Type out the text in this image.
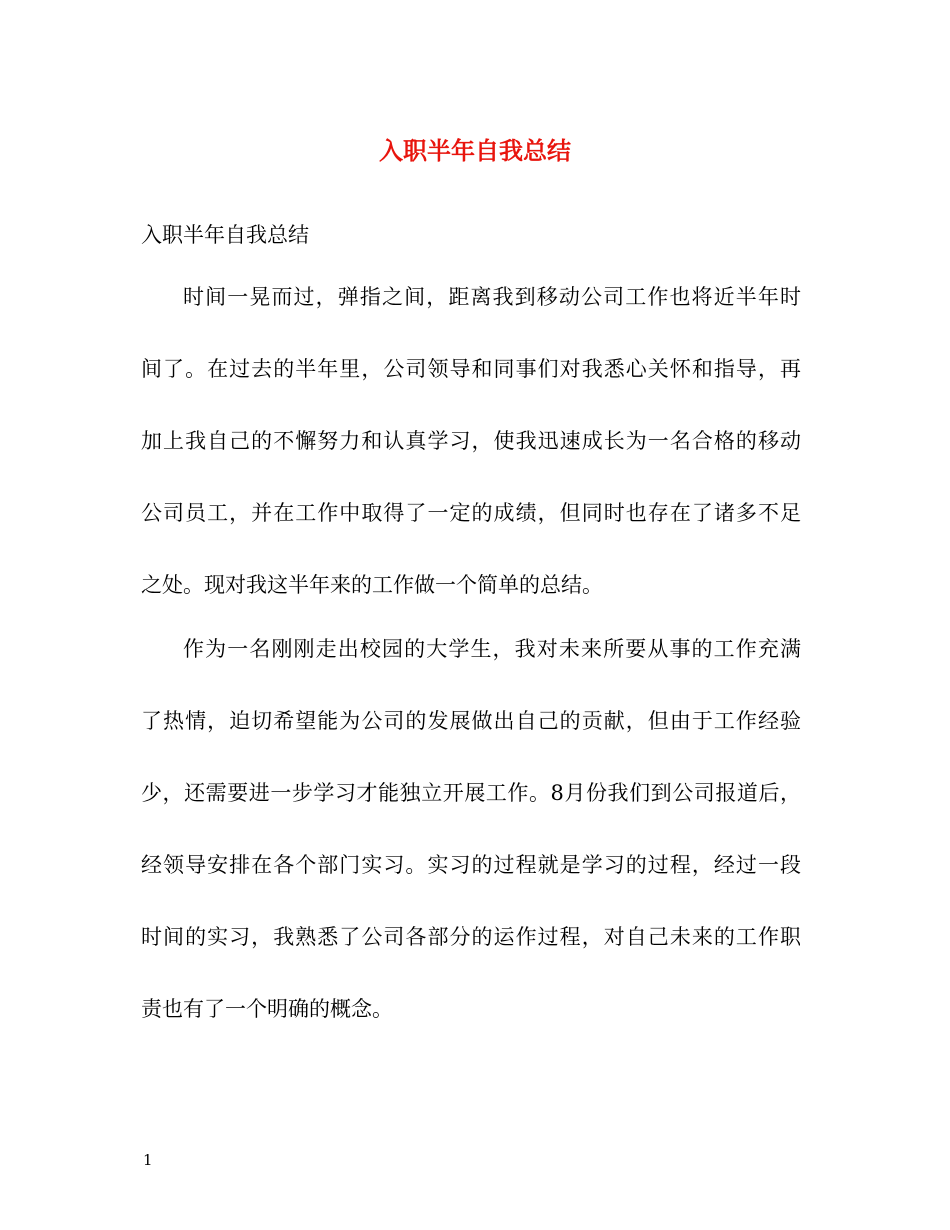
入职半年自我总结

入职半年自我总结

时间一晃而过，弹指之间，距离我到移动公司工作也将近半年时

间了。在过去的半年里，公司领导和同事们对我悉心关怀和指导，再

加上我自己的不懈努力和认真学习，使我迅速成长为一名合格的移动

公司员工，并在工作中取得了一定的成绩，但同时也存在了诸多不足

之处。现对我这半年来的工作做一个简单的总结。

作为一名刚刚走出校园的大学生，我对未来所要从事的工作充满

了热情，迫切希望能为公司的发展做出自己的贡献，但由于工作经验

少，还需要进一步学习才能独立开展工作。8月份我们到公司报道后，

经领导安排在各个部门实习。实习的过程就是学习的过程，经过一段

时间的实习，我熟悉了公司各部分的运作过程，对自己未来的工作职

责也有了一个明确的概念。

1
